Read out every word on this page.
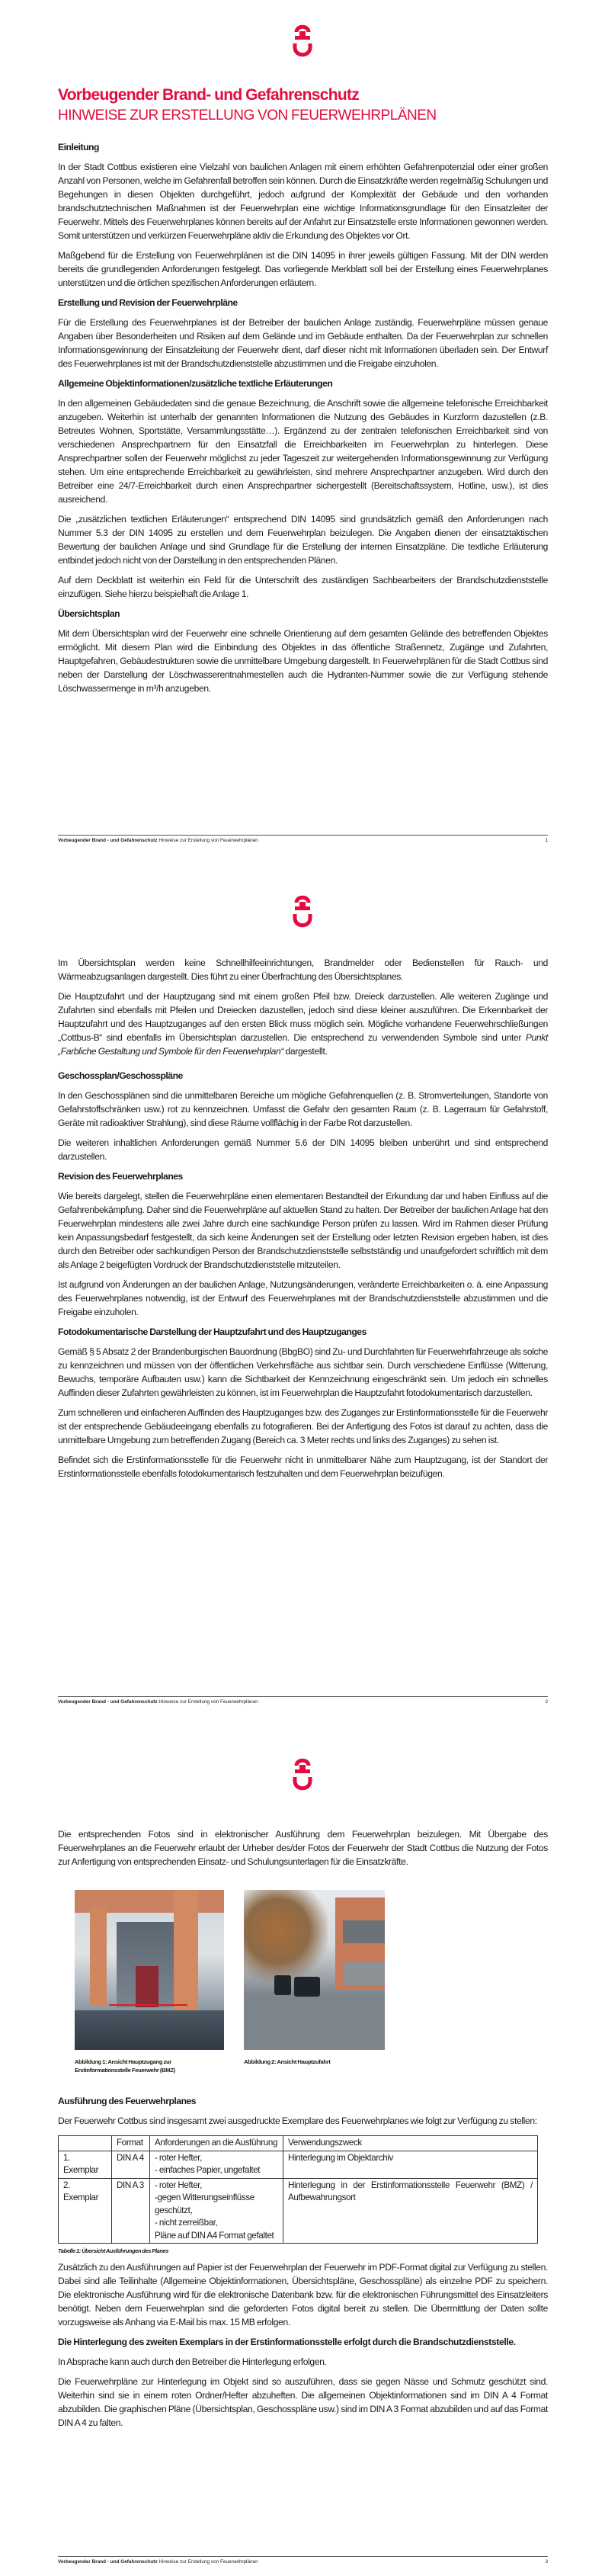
Vorbeugender Brand- und Gefahrenschutz
HINWEISE ZUR ERSTELLUNG VON FEUERWEHRPLÄNEN
Einleitung

In der Stadt Cottbus existieren eine Vielzahl von baulichen Anlagen mit einem erhöhten Gefahrenpotenzial oder einer großen Anzahl von Personen, welche im Gefahrenfall betroffen sein können. Durch die Einsatzkräfte werden regelmäßig Schulungen und Begehungen in diesen Objekten durchgeführt, jedoch aufgrund der Komplexität der Gebäude und den vorhanden brandschutztechnischen Maßnahmen ist der Feuerwehrplan eine wichtige Informationsgrundlage für den Einsatzleiter der Feuerwehr. Mittels des Feuerwehrplanes können bereits auf der Anfahrt zur Einsatzstelle erste Informationen gewonnen werden. Somit unterstützen und verkürzen Feuerwehrpläne aktiv die Erkundung des Objektes vor Ort.

Maßgebend für die Erstellung von Feuerwehrplänen ist die DIN 14095 in ihrer jeweils gültigen Fassung. Mit der DIN werden bereits die grundlegenden Anforderungen festgelegt. Das vorliegende Merkblatt soll bei der Erstellung eines Feuerwehrplanes unterstützen und die örtlichen spezifischen Anforderungen erläutern.

Erstellung und Revision der Feuerwehrpläne

Für die Erstellung des Feuerwehrplanes ist der Betreiber der baulichen Anlage zuständig. Feuerwehrpläne müssen genaue Angaben über Besonderheiten und Risiken auf dem Gelände und im Gebäude enthalten. Da der Feuerwehrplan zur schnellen Informationsgewinnung der Einsatzleitung der Feuerwehr dient, darf dieser nicht mit Informationen überladen sein. Der Entwurf des Feuerwehrplanes ist mit der Brandschutzdienststelle abzustimmen und die Freigabe einzuholen.

Allgemeine Objektinformationen/zusätzliche textliche Erläuterungen

In den allgemeinen Gebäudedaten sind die genaue Bezeichnung, die Anschrift sowie die allgemeine telefonische Erreichbarkeit anzugeben. Weiterhin ist unterhalb der genannten Informationen die Nutzung des Gebäudes in Kurzform dazustellen (z.B. Betreutes Wohnen, Sportstätte, Versammlungsstätte…). Ergänzend zu der zentralen telefonischen Erreichbarkeit sind von verschiedenen Ansprechpartnern für den Einsatzfall die Erreichbarkeiten im Feuerwehrplan zu hinterlegen. Diese Ansprechpartner sollen der Feuerwehr möglichst zu jeder Tageszeit zur weitergehenden Informationsgewinnung zur Verfügung stehen. Um eine entsprechende Erreichbarkeit zu gewährleisten, sind mehrere Ansprechpartner anzugeben. Wird durch den Betreiber eine 24/7-Erreichbarkeit durch einen Ansprechpartner sichergestellt (Bereitschaftssystem, Hotline, usw.), ist dies ausreichend.

Die „zusätzlichen textlichen Erläuterungen“ entsprechend DIN 14095 sind grundsätzlich gemäß den Anforderungen nach Nummer 5.3 der DIN 14095 zu erstellen und dem Feuerwehrplan beizulegen. Die Angaben dienen der einsatztaktischen Bewertung der baulichen Anlage und sind Grundlage für die Erstellung der internen Einsatzpläne. Die textliche Erläuterung entbindet jedoch nicht von der Darstellung in den entsprechenden Plänen.

Auf dem Deckblatt ist weiterhin ein Feld für die Unterschrift des zuständigen Sachbearbeiters der Brandschutzdienststelle einzufügen. Siehe hierzu beispielhaft die Anlage 1.

Übersichtsplan

Mit dem Übersichtsplan wird der Feuerwehr eine schnelle Orientierung auf dem gesamten Gelände des betreffenden Objektes ermöglicht. Mit diesem Plan wird die Einbindung des Objektes in das öffentliche Straßennetz, Zugänge und Zufahrten, Hauptgefahren, Gebäudestrukturen sowie die unmittelbare Umgebung dargestellt. In Feuerwehrplänen für die Stadt Cottbus sind neben der Darstellung der Löschwasserentnahmestellen auch die Hydranten-Nummer sowie die zur Verfügung stehende Löschwassermenge in m³/h anzugeben.

Vorbeugender Brand - und Gefahrenschutz Hinweise zur Erstellung von Feuerwehrplänen	1

Im Übersichtsplan werden keine Schnellhilfeeinrichtungen, Brandmelder oder Bedienstellen für Rauch- und Wärmeabzugsanlagen dargestellt. Dies führt zu einer Überfrachtung des Übersichtsplanes.

Die Hauptzufahrt und der Hauptzugang sind mit einem großen Pfeil bzw. Dreieck darzustellen. Alle weiteren Zugänge und Zufahrten sind ebenfalls mit Pfeilen und Dreiecken dazustellen, jedoch sind diese kleiner auszuführen. Die Erkennbarkeit der Hauptzufahrt und des Hauptzuganges auf den ersten Blick muss möglich sein. Mögliche vorhandene Feuerwehrschließungen „Cottbus-B“ sind ebenfalls im Übersichtsplan darzustellen. Die entsprechend zu verwendenden Symbole sind unter Punkt „Farbliche Gestaltung und Symbole für den Feuerwehrplan“ dargestellt.

Geschossplan/Geschosspläne

In den Geschossplänen sind die unmittelbaren Bereiche um mögliche Gefahrenquellen (z. B. Stromverteilungen, Standorte von Gefahrstoffschränken usw.) rot zu kennzeichnen. Umfasst die Gefahr den gesamten Raum (z. B. Lagerraum für Gefahrstoff, Geräte mit radioaktiver Strahlung), sind diese Räume vollflächig in der Farbe Rot darzustellen.

Die weiteren inhaltlichen Anforderungen gemäß Nummer 5.6 der DIN 14095 bleiben unberührt und sind entsprechend darzustellen.

Revision des Feuerwehrplanes

Wie bereits dargelegt, stellen die Feuerwehrpläne einen elementaren Bestandteil der Erkundung dar und haben Einfluss auf die Gefahrenbekämpfung. Daher sind die Feuerwehrpläne auf aktuellen Stand zu halten. Der Betreiber der baulichen Anlage hat den Feuerwehrplan mindestens alle zwei Jahre durch eine sachkundige Person prüfen zu lassen. Wird im Rahmen dieser Prüfung kein Anpassungsbedarf festgestellt, da sich keine Änderungen seit der Erstellung oder letzten Revision ergeben haben, ist dies durch den Betreiber oder sachkundigen Person der Brandschutzdienststelle selbstständig und unaufgefordert schriftlich mit dem als Anlage 2 beigefügten Vordruck der Brandschutzdienststelle mitzuteilen.

Ist aufgrund von Änderungen an der baulichen Anlage, Nutzungsänderungen, veränderte Erreichbarkeiten o. ä. eine Anpassung des Feuerwehrplanes notwendig, ist der Entwurf des Feuerwehrplanes mit der Brandschutzdienststelle abzustimmen und die Freigabe einzuholen.

Fotodokumentarische Darstellung der Hauptzufahrt und des Hauptzuganges

Gemäß § 5 Absatz 2 der Brandenburgischen Bauordnung (BbgBO) sind Zu- und Durchfahrten für Feuerwehrfahrzeuge als solche zu kennzeichnen und müssen von der öffentlichen Verkehrsfläche aus sichtbar sein. Durch verschiedene Einflüsse (Witterung, Bewuchs, temporäre Aufbauten usw.) kann die Sichtbarkeit der Kennzeichnung eingeschränkt sein. Um jedoch ein schnelles Auffinden dieser Zufahrten gewährleisten zu können, ist im Feuerwehrplan die Hauptzufahrt fotodokumentarisch darzustellen.

Zum schnelleren und einfacheren Auffinden des Hauptzuganges bzw. des Zuganges zur Erstinformationsstelle für die Feuerwehr ist der entsprechende Gebäudeeingang ebenfalls zu fotografieren. Bei der Anfertigung des Fotos ist darauf zu achten, dass die unmittelbare Umgebung zum betreffenden Zugang (Bereich ca. 3 Meter rechts und links des Zuganges) zu sehen ist.

Befindet sich die Erstinformationsstelle für die Feuerwehr nicht in unmittelbarer Nähe zum Hauptzugang, ist der Standort der Erstinformationsstelle ebenfalls fotodokumentarisch festzuhalten und dem Feuerwehrplan beizufügen.

Vorbeugender Brand - und Gefahrenschutz Hinweise zur Erstellung von Feuerwehrplänen	2

Die entsprechenden Fotos sind in elektronischer Ausführung dem Feuerwehrplan beizulegen. Mit Übergabe des Feuerwehrplanes an die Feuerwehr erlaubt der Urheber des/der Fotos der Feuerwehr der Stadt Cottbus die Nutzung der Fotos zur Anfertigung von entsprechenden Einsatz- und Schulungsunterlagen für die Einsatzkräfte.

Abbildung 1: Ansicht Hauptzugang zur Erstinformationsstelle Feuerwehr (BMZ)
Abbildung 2: Ansicht Hauptzufahrt
Ausführung des Feuerwehrplanes

Der Feuerwehr Cottbus sind insgesamt zwei ausgedruckte Exemplare des Feuerwehrplanes wie folgt zur Verfügung zu stellen:

	Format	Anforderungen an die Ausführung	Verwendungszweck
1. Exemplar	DIN A 4	- roter Hefter,
- einfaches Papier, ungefaltet	Hinterlegung im Objektarchiv
2. Exemplar	DIN A 3	- roter Hefter,
-gegen Witterungseinflüsse geschützt,
- nicht zerreißbar,
Pläne auf DIN A4 Format gefaltet	Hinterlegung in der Erstinformationsstelle Feuerwehr (BMZ) / Aufbewahrungsort
Tabelle 1: Übersicht Ausführungen des Planes

Zusätzlich zu den Ausführungen auf Papier ist der Feuerwehrplan der Feuerwehr im PDF-Format digital zur Verfügung zu stellen. Dabei sind alle Teilinhalte (Allgemeine Objektinformationen, Übersichtspläne, Geschosspläne) als einzelne PDF zu speichern. Die elektronische Ausführung wird für die elektronische Datenbank bzw. für die elektronischen Führungsmittel des Einsatzleiters benötigt. Neben dem Feuerwehrplan sind die geforderten Fotos digital bereit zu stellen. Die Übermittlung der Daten sollte vorzugsweise als Anhang via E-Mail bis max. 15 MB erfolgen.

Die Hinterlegung des zweiten Exemplars in der Erstinformationsstelle erfolgt durch die Brandschutzdienststelle.

In Absprache kann auch durch den Betreiber die Hinterlegung erfolgen.

Die Feuerwehrpläne zur Hinterlegung im Objekt sind so auszuführen, dass sie gegen Nässe und Schmutz geschützt sind. Weiterhin sind sie in einem roten Ordner/Hefter abzuheften. Die allgemeinen Objektinformationen sind im DIN A 4 Format abzubilden. Die graphischen Pläne (Übersichtsplan, Geschosspläne usw.) sind im DIN A 3 Format abzubilden und auf das Format DIN A 4 zu falten.

Vorbeugender Brand - und Gefahrenschutz Hinweise zur Erstellung von Feuerwehrplänen	3
